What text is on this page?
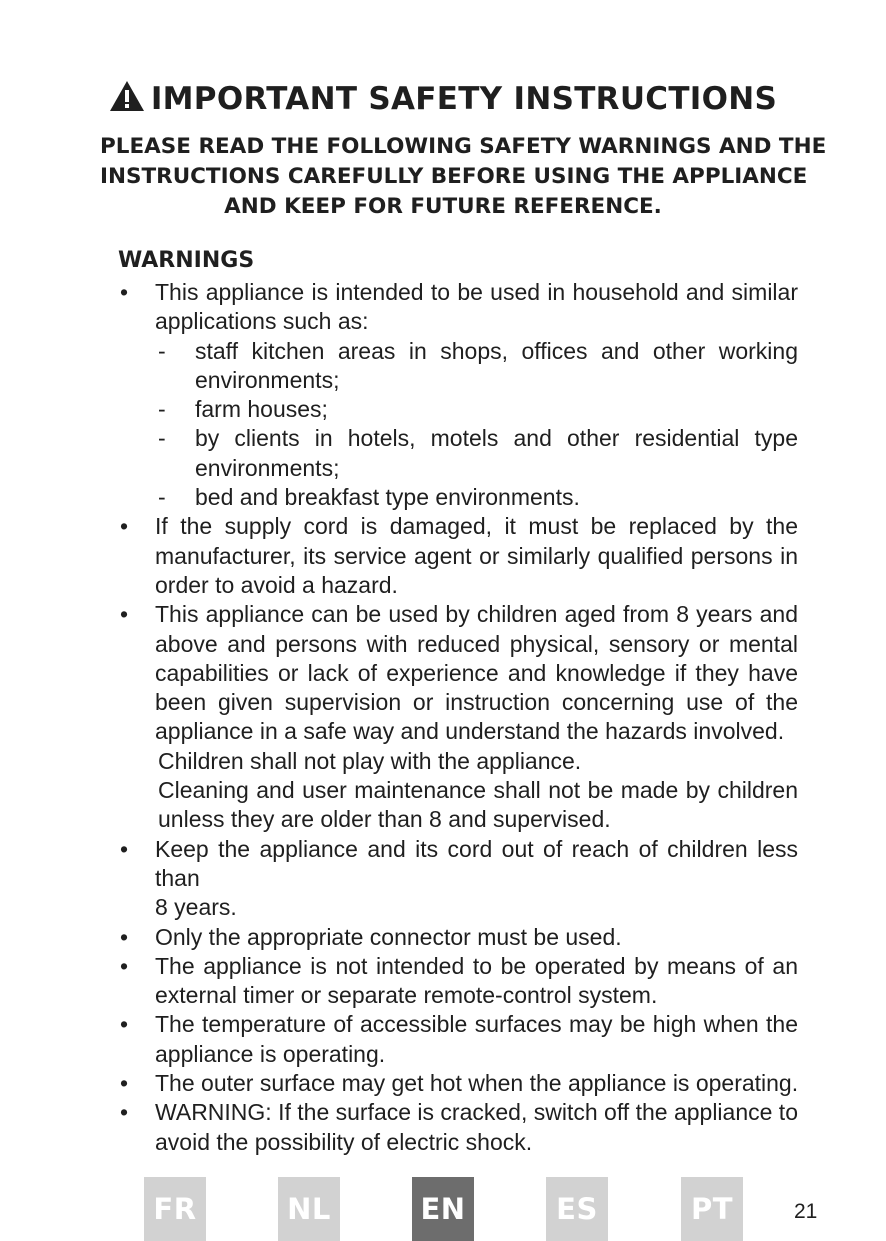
IMPORTANT SAFETY INSTRUCTIONS
PLEASE READ THE FOLLOWING SAFETY WARNINGS AND THE
INSTRUCTIONS CAREFULLY BEFORE USING THE APPLIANCE
AND KEEP FOR FUTURE REFERENCE.
WARNINGS
• This appliance is intended to be used in household and similar
applications such as:
- staff kitchen areas in shops, offices and other working
environments;
- farm houses;
- by clients in hotels, motels and other residential type
environments;
- bed and breakfast type environments.
• If the supply cord is damaged, it must be replaced by the
manufacturer, its service agent or similarly qualified persons in
order to avoid a hazard.
• This appliance can be used by children aged from 8 years and
above and persons with reduced physical, sensory or mental
capabilities or lack of experience and knowledge if they have
been given supervision or instruction concerning use of the
appliance in a safe way and understand the hazards involved.
Children shall not play with the appliance.
Cleaning and user maintenance shall not be made by children
unless they are older than 8 and supervised.
• Keep the appliance and its cord out of reach of children less than
8 years.
• Only the appropriate connector must be used.
• The appliance is not intended to be operated by means of an
external timer or separate remote-control system.
• The temperature of accessible surfaces may be high when the
appliance is operating.
• The outer surface may get hot when the appliance is operating.
• WARNING: If the surface is cracked, switch off the appliance to
avoid the possibility of electric shock.
FR	NL	EN	ES	PT	21
